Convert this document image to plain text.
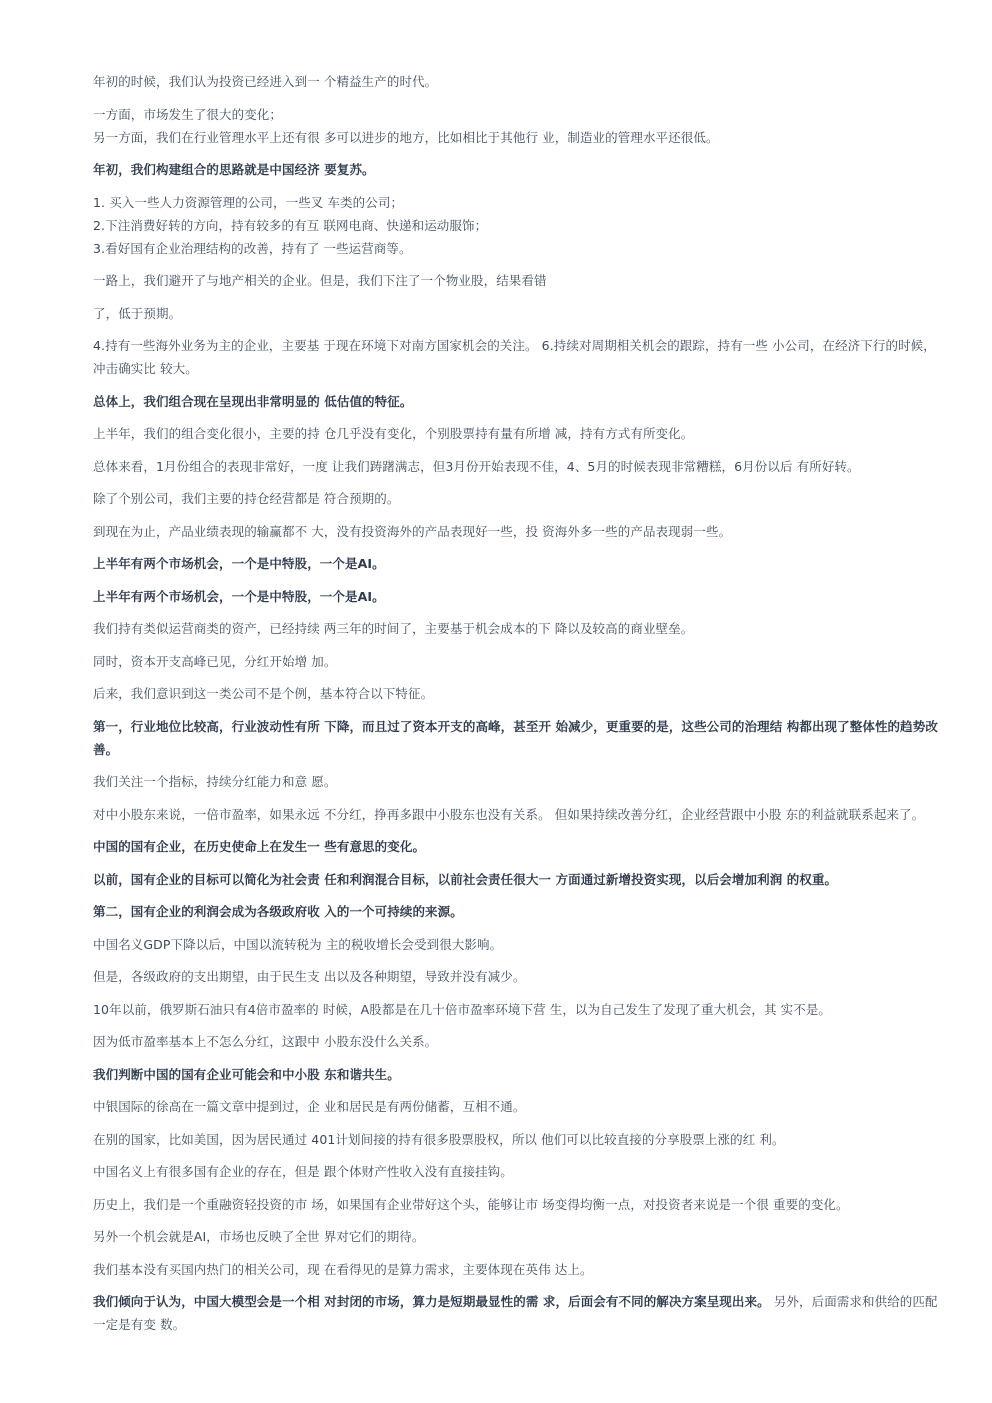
年初的时候，我们认为投资已经进入到一 个精益生产的时代。
一方面，市场发生了很大的变化；
另一方面，我们在行业管理水平上还有很 多可以进步的地方，比如相比于其他行 业，制造业的管理水平还很低。
年初，我们构建组合的思路就是中国经济 要复苏。
1. 买入一些人力资源管理的公司，一些叉 车类的公司；
2.下注消费好转的方向，持有较多的有互 联网电商、快递和运动服饰；
3.看好国有企业治理结构的改善，持有了 一些运营商等。
一路上，我们避开了与地产相关的企业。但是，我们下注了一个物业股，结果看错
了，低于预期。
4.持有一些海外业务为主的企业，主要基 于现在环境下对南方国家机会的关注。 6.持续对周期相关机会的跟踪，持有一些 小公司，在经济下行的时候，冲击确实比 较大。
总体上，我们组合现在呈现出非常明显的 低估值的特征。
上半年，我们的组合变化很小，主要的持 仓几乎没有变化，个别股票持有量有所增 减，持有方式有所变化。
总体来看，1月份组合的表现非常好，一度 让我们踌躇满志，但3月份开始表现不佳，4、5月的时候表现非常糟糕，6月份以后 有所好转。
除了个别公司，我们主要的持仓经营都是 符合预期的。
到现在为止，产品业绩表现的输赢都不 大，没有投资海外的产品表现好一些，投 资海外多一些的产品表现弱一些。
上半年有两个市场机会，一个是中特股，一个是AI。
上半年有两个市场机会，一个是中特股，一个是AI。
我们持有类似运营商类的资产，已经持续 两三年的时间了，主要基于机会成本的下 降以及较高的商业壁垒。
同时，资本开支高峰已见，分红开始增 加。
后来，我们意识到这一类公司不是个例，基本符合以下特征。
第一，行业地位比较高，行业波动性有所 下降，而且过了资本开支的高峰，甚至开 始减少，更重要的是，这些公司的治理结 构都出现了整体性的趋势改善。
我们关注一个指标，持续分红能力和意 愿。
对中小股东来说，一倍市盈率，如果永远 不分红，挣再多跟中小股东也没有关系。 但如果持续改善分红，企业经营跟中小股 东的利益就联系起来了。
中国的国有企业，在历史使命上在发生一 些有意思的变化。
以前，国有企业的目标可以简化为社会责 任和利润混合目标，以前社会责任很大一 方面通过新增投资实现，以后会增加利润 的权重。
第二，国有企业的利润会成为各级政府收 入的一个可持续的来源。
中国名义GDP下降以后，中国以流转税为 主的税收增长会受到很大影响。
但是，各级政府的支出期望，由于民生支 出以及各种期望，导致并没有减少。
10年以前，俄罗斯石油只有4倍市盈率的 时候，A股都是在几十倍市盈率环境下营 生，以为自己发生了发现了重大机会，其 实不是。
因为低市盈率基本上不怎么分红，这跟中 小股东没什么关系。
我们判断中国的国有企业可能会和中小股 东和谐共生。
中银国际的徐高在一篇文章中提到过，企 业和居民是有两份储蓄，互相不通。
在别的国家，比如美国，因为居民通过 401计划间接的持有很多股票股权，所以 他们可以比较直接的分享股票上涨的红 利。
中国名义上有很多国有企业的存在，但是 跟个体财产性收入没有直接挂钩。
历史上，我们是一个重融资轻投资的市 场，如果国有企业带好这个头，能够让市 场变得均衡一点，对投资者来说是一个很 重要的变化。
另外一个机会就是AI，市场也反映了全世 界对它们的期待。
我们基本没有买国内热门的相关公司，现 在看得见的是算力需求，主要体现在英伟 达上。
我们倾向于认为，中国大模型会是一个相 对封闭的市场，算力是短期最显性的需 求，后面会有不同的解决方案呈现出来。 另外，后面需求和供给的匹配一定是有变 数。
